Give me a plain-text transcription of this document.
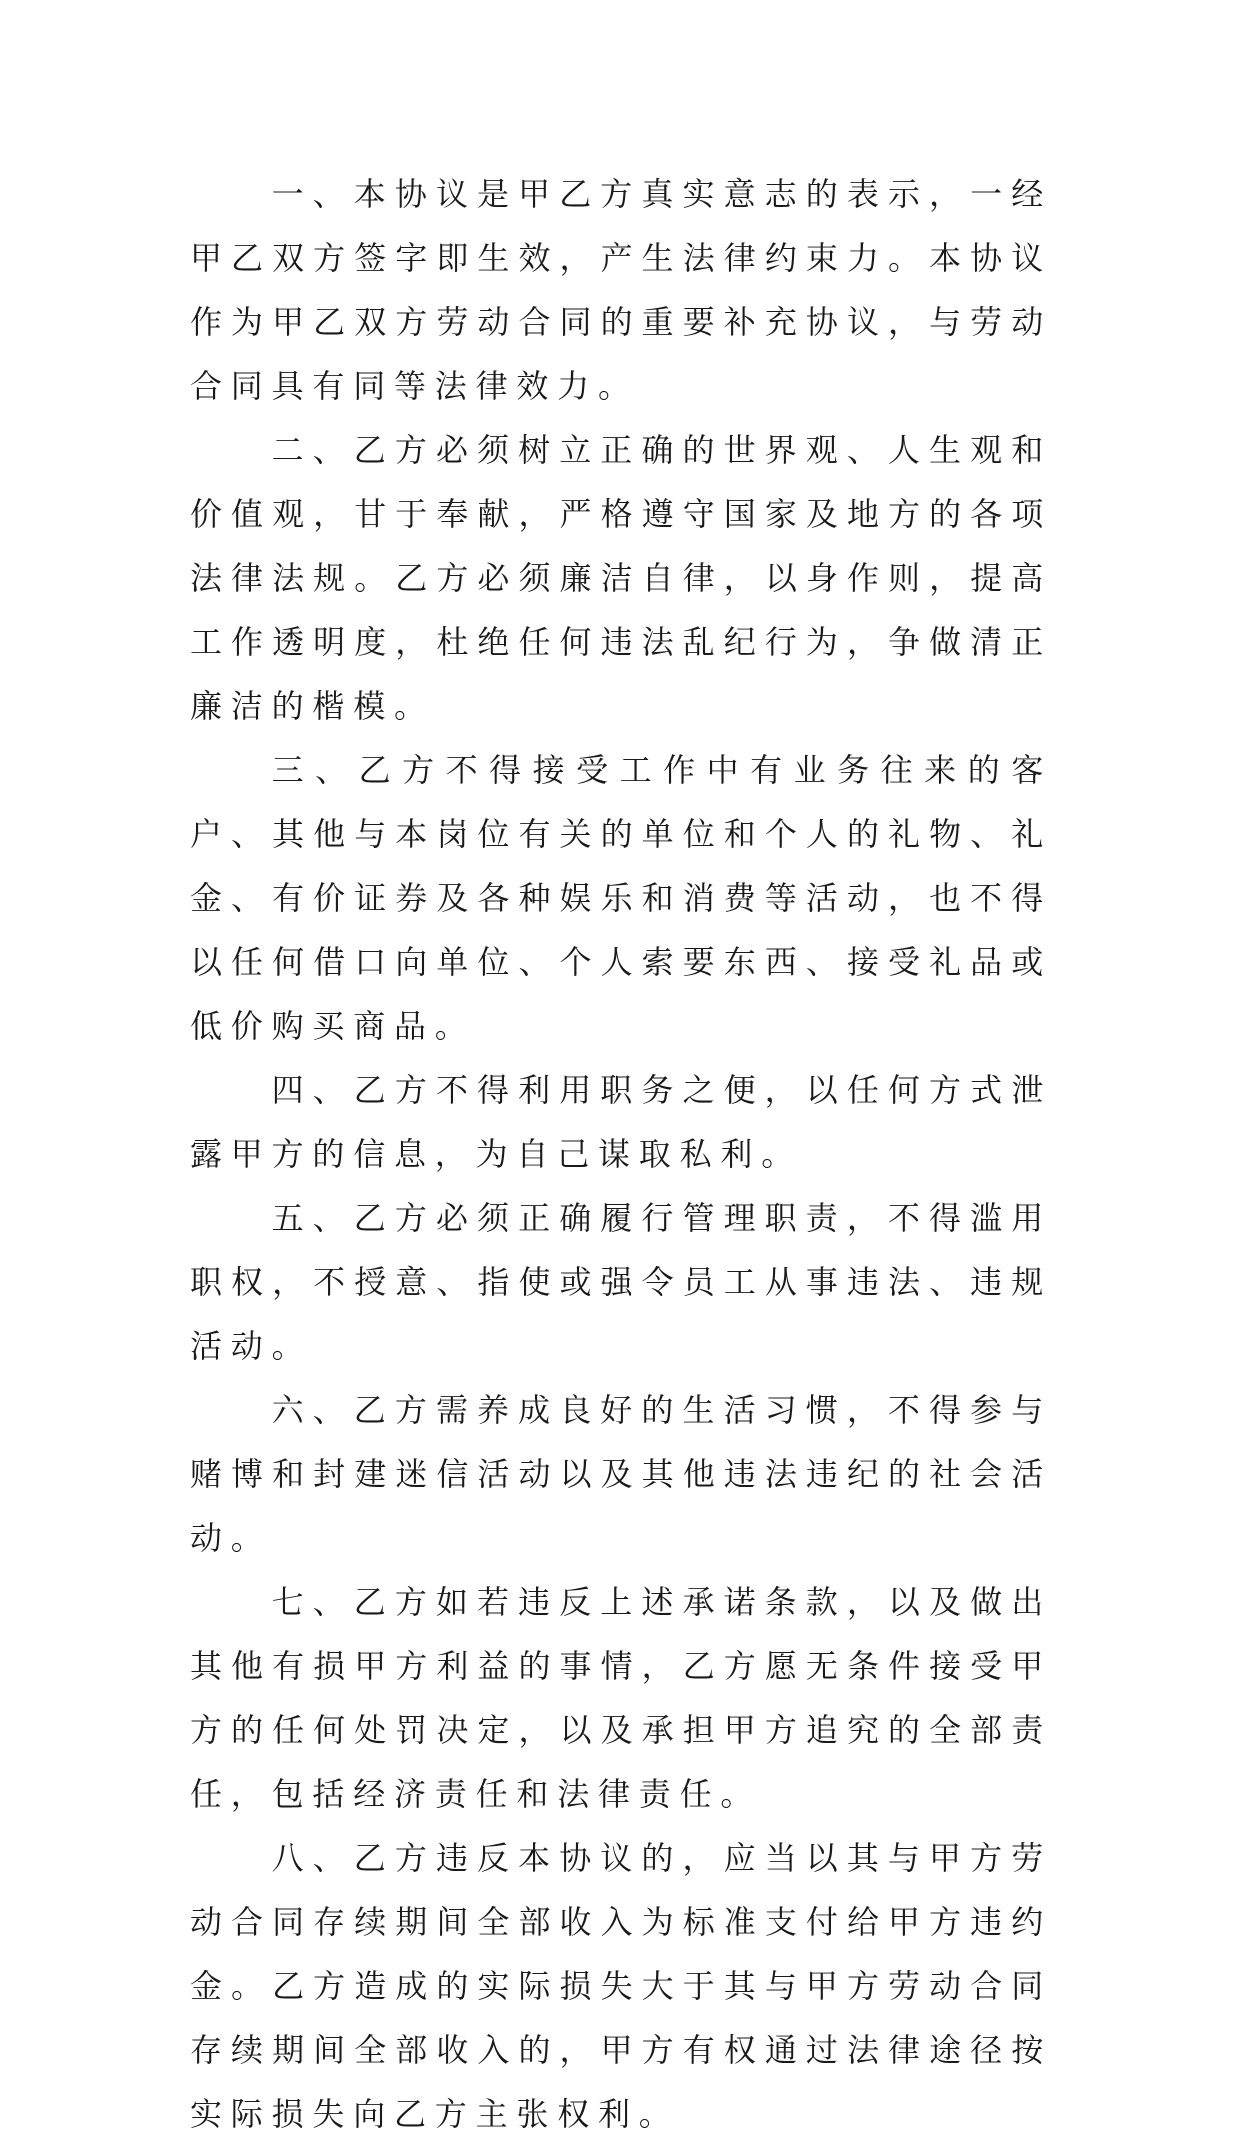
一、本协议是甲乙方真实意志的表示，一经甲乙双方签字即生效，产生法律约束力。本协议作为甲乙双方劳动合同的重要补充协议，与劳动合同具有同等法律效力。

二、乙方必须树立正确的世界观、人生观和价值观，甘于奉献，严格遵守国家及地方的各项法律法规。乙方必须廉洁自律，以身作则，提高工作透明度，杜绝任何违法乱纪行为，争做清正廉洁的楷模。

三、乙方不得接受工作中有业务往来的客户、其他与本岗位有关的单位和个人的礼物、礼金、有价证券及各种娱乐和消费等活动，也不得以任何借口向单位、个人索要东西、接受礼品或低价购买商品。

四、乙方不得利用职务之便，以任何方式泄露甲方的信息，为自己谋取私利。

五、乙方必须正确履行管理职责，不得滥用职权，不授意、指使或强令员工从事违法、违规活动。

六、乙方需养成良好的生活习惯，不得参与赌博和封建迷信活动以及其他违法违纪的社会活动。

七、乙方如若违反上述承诺条款，以及做出其他有损甲方利益的事情，乙方愿无条件接受甲方的任何处罚决定，以及承担甲方追究的全部责任，包括经济责任和法律责任。

八、乙方违反本协议的，应当以其与甲方劳动合同存续期间全部收入为标准支付给甲方违约金。乙方造成的实际损失大于其与甲方劳动合同存续期间全部收入的，甲方有权通过法律途径按实际损失向乙方主张权利。
